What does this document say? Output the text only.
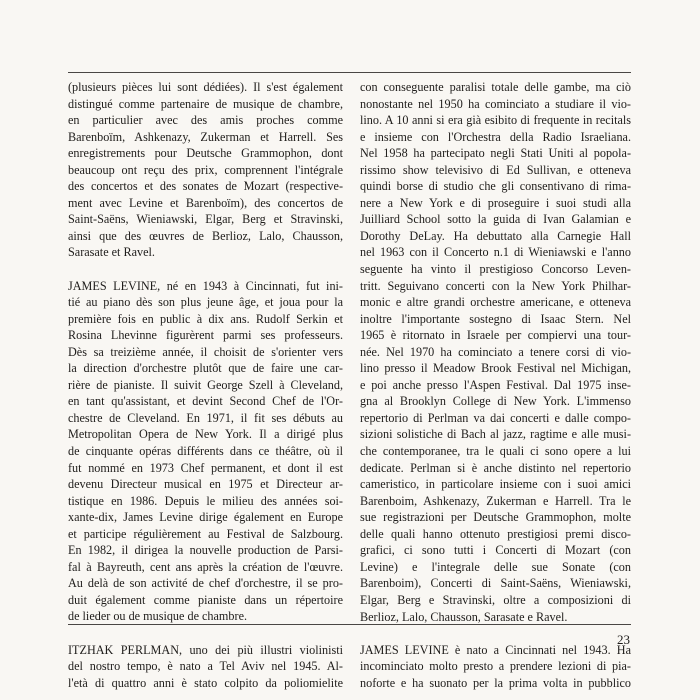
(plusieurs pièces lui sont dédiées). Il s'est également
distingué comme partenaire de musique de chambre,
en particulier avec des amis proches comme
Barenboïm, Ashkenazy, Zukerman et Harrell. Ses
enregistrements pour Deutsche Grammophon, dont
beaucoup ont reçu des prix, comprennent l'intégrale
des concertos et des sonates de Mozart (respective-
ment avec Levine et Barenboïm), des concertos de
Saint-Saëns, Wieniawski, Elgar, Berg et Stravinski,
ainsi que des œuvres de Berlioz, Lalo, Chausson,
Sarasate et Ravel.

JAMES LEVINE, né en 1943 à Cincinnati, fut ini-
tié au piano dès son plus jeune âge, et joua pour la
première fois en public à dix ans. Rudolf Serkin et
Rosina Lhevinne figurèrent parmi ses professeurs.
Dès sa treizième année, il choisit de s'orienter vers
la direction d'orchestre plutôt que de faire une car-
rière de pianiste. Il suivit George Szell à Cleveland,
en tant qu'assistant, et devint Second Chef de l'Or-
chestre de Cleveland. En 1971, il fit ses débuts au
Metropolitan Opera de New York. Il a dirigé plus
de cinquante opéras différents dans ce théâtre, où il
fut nommé en 1973 Chef permanent, et dont il est
devenu Directeur musical en 1975 et Directeur ar-
tistique en 1986. Depuis le milieu des années soi-
xante-dix, James Levine dirige également en Europe
et participe régulièrement au Festival de Salzbourg.
En 1982, il dirigea la nouvelle production de Parsi-
fal à Bayreuth, cent ans après la création de l'œuvre.
Au delà de son activité de chef d'orchestre, il se pro-
duit également comme pianiste dans un répertoire
de lieder ou de musique de chambre.

ITZHAK PERLMAN, uno dei più illustri violinisti
del nostro tempo, è nato a Tel Aviv nel 1945. Al-
l'età di quattro anni è stato colpito da poliomielite

con conseguente paralisi totale delle gambe, ma ciò
nonostante nel 1950 ha cominciato a studiare il vio-
lino. A 10 anni si era già esibito di frequente in recitals
e insieme con l'Orchestra della Radio Israeliana.
Nel 1958 ha partecipato negli Stati Uniti al popola-
rissimo show televisivo di Ed Sullivan, e otteneva
quindi borse di studio che gli consentivano di rima-
nere a New York e di proseguire i suoi studi alla
Juilliard School sotto la guida di Ivan Galamian e
Dorothy DeLay. Ha debuttato alla Carnegie Hall
nel 1963 con il Concerto n.1 di Wieniawski e l'anno
seguente ha vinto il prestigioso Concorso Leven-
tritt. Seguivano concerti con la New York Philhar-
monic e altre grandi orchestre americane, e otteneva
inoltre l'importante sostegno di Isaac Stern. Nel
1965 è ritornato in Israele per compiervi una tour-
née. Nel 1970 ha cominciato a tenere corsi di vio-
lino presso il Meadow Brook Festival nel Michigan,
e poi anche presso l'Aspen Festival. Dal 1975 inse-
gna al Brooklyn College di New York. L'immenso
repertorio di Perlman va dai concerti e dalle compo-
sizioni solistiche di Bach al jazz, ragtime e alle musi-
che contemporanee, tra le quali ci sono opere a lui
dedicate. Perlman si è anche distinto nel repertorio
cameristico, in particolare insieme con i suoi amici
Barenboim, Ashkenazy, Zukerman e Harrell. Tra le
sue registrazioni per Deutsche Grammophon, molte
delle quali hanno ottenuto prestigiosi premi disco-
grafici, ci sono tutti i Concerti di Mozart (con
Levine) e l'integrale delle sue Sonate (con
Barenboim), Concerti di Saint-Saëns, Wieniawski,
Elgar, Berg e Stravinski, oltre a composizioni di
Berlioz, Lalo, Chausson, Sarasate e Ravel.

JAMES LEVINE è nato a Cincinnati nel 1943. Ha
incominciato molto presto a prendere lezioni di pia-
noforte e ha suonato per la prima volta in pubblico

23
